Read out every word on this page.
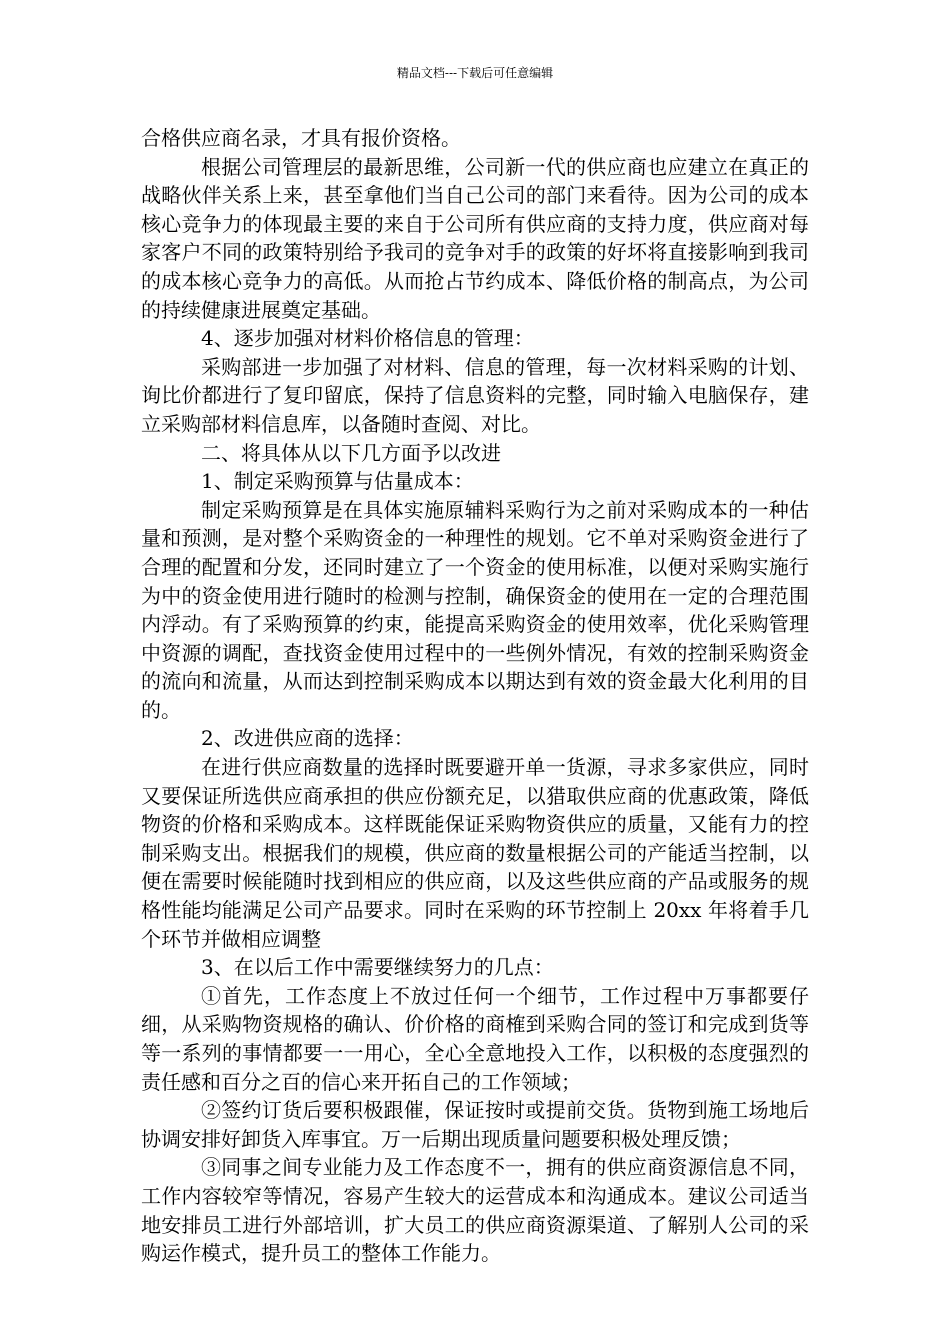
精品文档---下载后可任意编辑

合格供应商名录，才具有报价资格。

根据公司管理层的最新思维，公司新一代的供应商也应建立在真正的战略伙伴关系上来，甚至拿他们当自己公司的部门来看待。因为公司的成本核心竞争力的体现最主要的来自于公司所有供应商的支持力度，供应商对每家客户不同的政策特别给予我司的竞争对手的政策的好坏将直接影响到我司的成本核心竞争力的高低。从而抢占节约成本、降低价格的制高点，为公司的持续健康进展奠定基础。

4、逐步加强对材料价格信息的管理：

采购部进一步加强了对材料、信息的管理，每一次材料采购的计划、询比价都进行了复印留底，保持了信息资料的完整，同时输入电脑保存，建立采购部材料信息库，以备随时查阅、对比。

二、将具体从以下几方面予以改进

1、制定采购预算与估量成本：

制定采购预算是在具体实施原辅料采购行为之前对采购成本的一种估量和预测，是对整个采购资金的一种理性的规划。它不单对采购资金进行了合理的配置和分发，还同时建立了一个资金的使用标准，以便对采购实施行为中的资金使用进行随时的检测与控制，确保资金的使用在一定的合理范围内浮动。有了采购预算的约束，能提高采购资金的使用效率，优化采购管理中资源的调配，查找资金使用过程中的一些例外情况，有效的控制采购资金的流向和流量，从而达到控制采购成本以期达到有效的资金最大化利用的目的。

2、改进供应商的选择：

在进行供应商数量的选择时既要避开单一货源，寻求多家供应，同时又要保证所选供应商承担的供应份额充足，以猎取供应商的优惠政策，降低物资的价格和采购成本。这样既能保证采购物资供应的质量，又能有力的控制采购支出。根据我们的规模，供应商的数量根据公司的产能适当控制，以便在需要时候能随时找到相应的供应商，以及这些供应商的产品或服务的规格性能均能满足公司产品要求。同时在采购的环节控制上 20xx 年将着手几个环节并做相应调整

3、在以后工作中需要继续努力的几点：

①首先，工作态度上不放过任何一个细节，工作过程中万事都要仔细，从采购物资规格的确认、价价格的商榷到采购合同的签订和完成到货等等一系列的事情都要一一用心，全心全意地投入工作，以积极的态度强烈的责任感和百分之百的信心来开拓自己的工作领域；

②签约订货后要积极跟催，保证按时或提前交货。货物到施工场地后协调安排好卸货入库事宜。万一后期出现质量问题要积极处理反馈；

③同事之间专业能力及工作态度不一，拥有的供应商资源信息不同，工作内容较窄等情况，容易产生较大的运营成本和沟通成本。建议公司适当地安排员工进行外部培训，扩大员工的供应商资源渠道、了解别人公司的采购运作模式，提升员工的整体工作能力。
